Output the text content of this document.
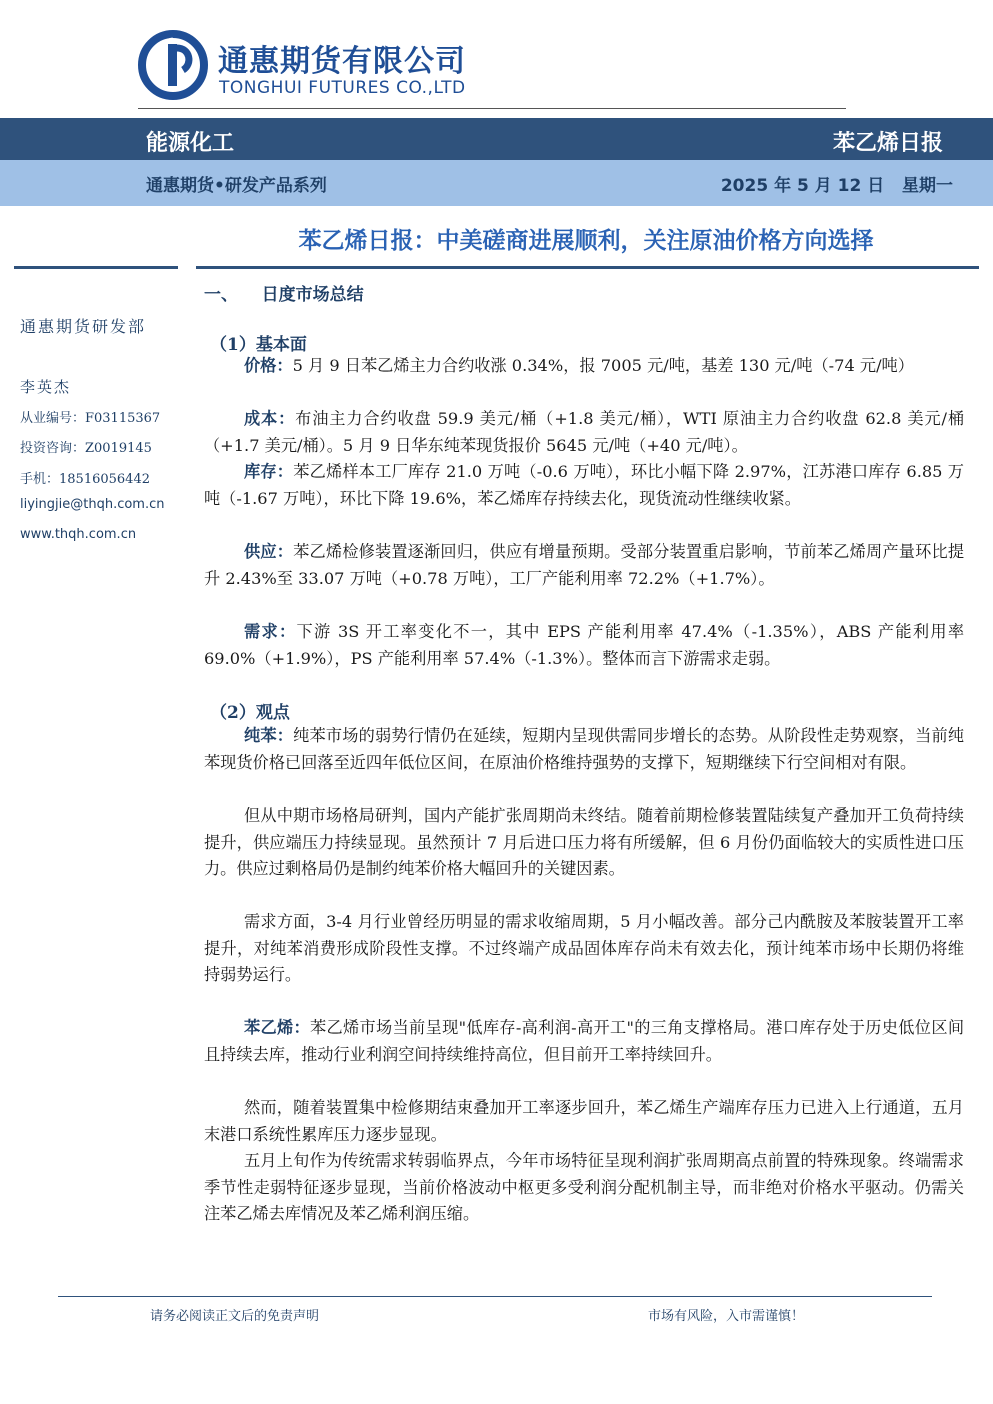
通惠期货有限公司
TONGHUI FUTURES CO.,LTD
能源化工	苯乙烯日报
通惠期货•研发产品系列	2025 年 5 月 12 日   星期一
苯乙烯日报：中美磋商进展顺利，关注原油价格方向选择
通惠期货研发部
李英杰
从业编号：F03115367
投资咨询：Z0019145
手机：18516056442
liyingjie@thqh.com.cn
www.thqh.com.cn
一、    日度市场总结
（1）基本面

价格：5 月 9 日苯乙烯主力合约收涨 0.34%，报 7005 元/吨，基差 130 元/吨（-74 元/吨）

成本：布油主力合约收盘 59.9 美元/桶（+1.8 美元/桶），WTI 原油主力合约收盘 62.8 美元/桶（+1.7 美元/桶）。5 月 9 日华东纯苯现货报价 5645 元/吨（+40 元/吨）。

库存：苯乙烯样本工厂库存 21.0 万吨（-0.6 万吨），环比小幅下降 2.97%，江苏港口库存 6.85 万吨（-1.67 万吨），环比下降 19.6%，苯乙烯库存持续去化，现货流动性继续收紧。

供应：苯乙烯检修装置逐渐回归，供应有增量预期。受部分装置重启影响，节前苯乙烯周产量环比提升 2.43%至 33.07 万吨（+0.78 万吨），工厂产能利用率 72.2%（+1.7%）。

需求：下游 3S 开工率变化不一，其中 EPS 产能利用率 47.4%（-1.35%），ABS 产能利用率 69.0%（+1.9%），PS 产能利用率 57.4%（-1.3%）。整体而言下游需求走弱。

（2）观点

纯苯：纯苯市场的弱势行情仍在延续，短期内呈现供需同步增长的态势。从阶段性走势观察，当前纯苯现货价格已回落至近四年低位区间，在原油价格维持强势的支撑下，短期继续下行空间相对有限。

但从中期市场格局研判，国内产能扩张周期尚未终结。随着前期检修装置陆续复产叠加开工负荷持续提升，供应端压力持续显现。虽然预计 7 月后进口压力将有所缓解，但 6 月份仍面临较大的实质性进口压力。供应过剩格局仍是制约纯苯价格大幅回升的关键因素。

需求方面，3-4 月行业曾经历明显的需求收缩周期，5 月小幅改善。部分己内酰胺及苯胺装置开工率提升，对纯苯消费形成阶段性支撑。不过终端产成品固体库存尚未有效去化，预计纯苯市场中长期仍将维持弱势运行。

苯乙烯：苯乙烯市场当前呈现"低库存-高利润-高开工"的三角支撑格局。港口库存处于历史低位区间且持续去库，推动行业利润空间持续维持高位，但目前开工率持续回升。

然而，随着装置集中检修期结束叠加开工率逐步回升，苯乙烯生产端库存压力已进入上行通道，五月末港口系统性累库压力逐步显现。

五月上旬作为传统需求转弱临界点，今年市场特征呈现利润扩张周期高点前置的特殊现象。终端需求季节性走弱特征逐步显现，当前价格波动中枢更多受利润分配机制主导，而非绝对价格水平驱动。仍需关注苯乙烯去库情况及苯乙烯利润压缩。

请务必阅读正文后的免责声明	市场有风险，入市需谨慎！
